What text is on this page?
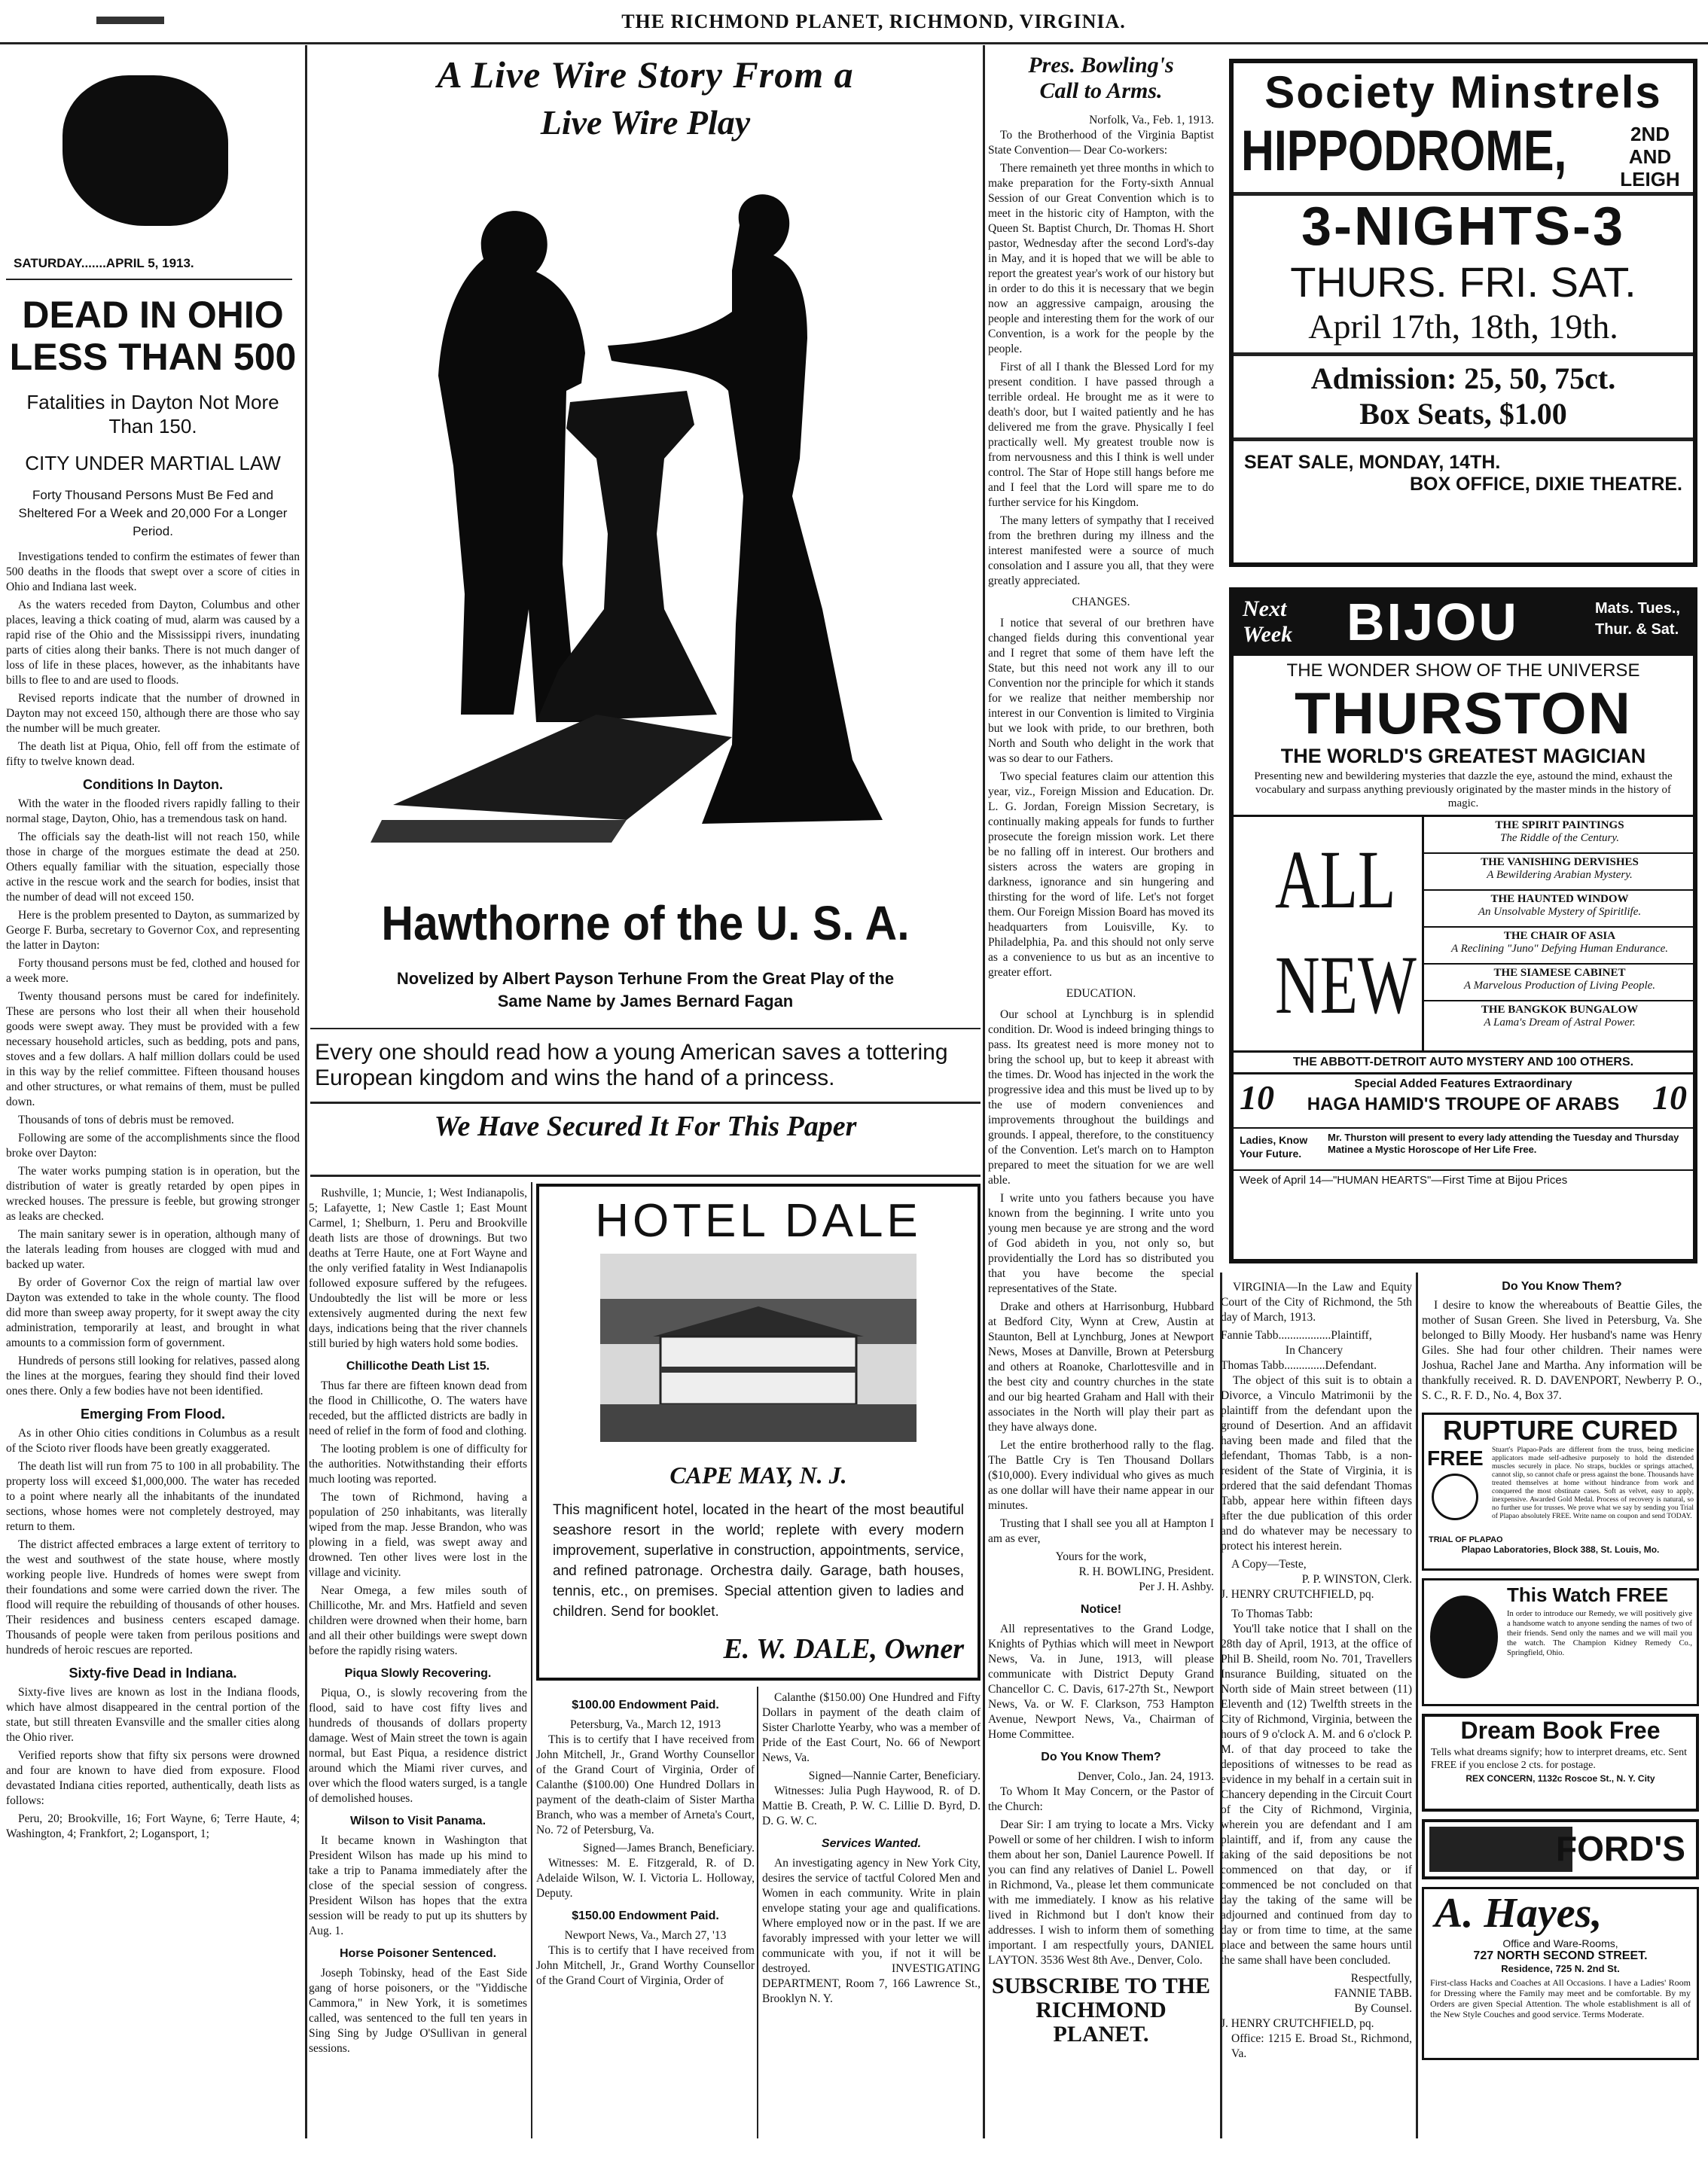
THE RICHMOND PLANET, RICHMOND, VIRGINIA.
SATURDAY.......APRIL 5, 1913.
DEAD IN OHIO
LESS THAN 500
Fatalities in Dayton Not More Than 150.
CITY UNDER MARTIAL LAW
Forty Thousand Persons Must Be Fed and Sheltered For a Week and 20,000 For a Longer Period.

Investigations tended to confirm the estimates of fewer than 500 deaths in the floods that swept over a score of cities in Ohio and Indiana last week.

As the waters receded from Dayton, Columbus and other places, leaving a thick coating of mud, alarm was caused by a rapid rise of the Ohio and the Mississippi rivers, inundating parts of cities along their banks. There is not much danger of loss of life in these places, however, as the inhabitants have bills to flee to and are used to floods.

Revised reports indicate that the number of drowned in Dayton may not exceed 150, although there are those who say the number will be much greater.

The death list at Piqua, Ohio, fell off from the estimate of fifty to twelve known dead.

Conditions In Dayton.

With the water in the flooded rivers rapidly falling to their normal stage, Dayton, Ohio, has a tremendous task on hand.

The officials say the death-list will not reach 150, while those in charge of the morgues estimate the dead at 250. Others equally familiar with the situation, especially those active in the rescue work and the search for bodies, insist that the number of dead will not exceed 150.

Here is the problem presented to Dayton, as summarized by George F. Burba, secretary to Governor Cox, and representing the latter in Dayton:

Forty thousand persons must be fed, clothed and housed for a week more.

Twenty thousand persons must be cared for indefinitely. These are persons who lost their all when their household goods were swept away. They must be provided with a few necessary household articles, such as bedding, pots and pans, stoves and a few dollars. A half million dollars could be used in this way by the relief committee. Fifteen thousand houses and other structures, or what remains of them, must be pulled down.

Thousands of tons of debris must be removed.

Following are some of the accomplishments since the flood broke over Dayton:

The water works pumping station is in operation, but the distribution of water is greatly retarded by open pipes in wrecked houses. The pressure is feeble, but growing stronger as leaks are checked.

The main sanitary sewer is in operation, although many of the laterals leading from houses are clogged with mud and backed up water.

By order of Governor Cox the reign of martial law over Dayton was extended to take in the whole county. The flood did more than sweep away property, for it swept away the city administration, temporarily at least, and brought in what amounts to a commission form of government.

Hundreds of persons still looking for relatives, passed along the lines at the morgues, fearing they should find their loved ones there. Only a few bodies have not been identified.

Emerging From Flood.

As in other Ohio cities conditions in Columbus as a result of the Scioto river floods have been greatly exaggerated.

The death list will run from 75 to 100 in all probability. The property loss will exceed $1,000,000. The water has receded to a point where nearly all the inhabitants of the inundated sections, whose homes were not completely destroyed, may return to them.

The district affected embraces a large extent of territory to the west and southwest of the state house, where mostly working people live. Hundreds of homes were swept from their foundations and some were carried down the river. The flood will require the rebuilding of thousands of other houses. Their residences and business centers escaped damage. Thousands of people were taken from perilous positions and hundreds of heroic rescues are reported.

Sixty-five Dead in Indiana.

Sixty-five lives are known as lost in the Indiana floods, which have almost disappeared in the central portion of the state, but still threaten Evansville and the smaller cities along the Ohio river.

Verified reports show that fifty six persons were drowned and four are known to have died from exposure. Flood devastated Indiana cities reported, authentically, death lists as follows:

Peru, 20; Brookville, 16; Fort Wayne, 6; Terre Haute, 4; Washington, 4; Frankfort, 2; Logansport, 1;

A Live Wire Story From a
Live Wire Play
Hawthorne of the U. S. A.
Novelized by Albert Payson Terhune From the Great Play of the Same Name by James Bernard Fagan
Every one should read how a young American saves a tottering European kingdom and wins the hand of a princess.
We Have Secured It For This Paper

Rushville, 1; Muncie, 1; West Indianapolis, 5; Lafayette, 1; New Castle 1; East Mount Carmel, 1; Shelburn, 1. Peru and Brookville death lists are those of drownings. But two deaths at Terre Haute, one at Fort Wayne and the only verified fatality in West Indianapolis followed exposure suffered by the refugees. Undoubtedly the list will be more or less extensively augmented during the next few days, indications being that the river channels still buried by high waters hold some bodies.

Chillicothe Death List 15.

Thus far there are fifteen known dead from the flood in Chillicothe, O. The waters have receded, but the afflicted districts are badly in need of relief in the form of food and clothing.

The looting problem is one of difficulty for the authorities. Notwithstanding their efforts much looting was reported.

The town of Richmond, having a population of 250 inhabitants, was literally wiped from the map. Jesse Brandon, who was plowing in a field, was swept away and drowned. Ten other lives were lost in the village and vicinity.

Near Omega, a few miles south of Chillicothe, Mr. and Mrs. Hatfield and seven children were drowned when their home, barn and all their other buildings were swept down before the rapidly rising waters.

Piqua Slowly Recovering.

Piqua, O., is slowly recovering from the flood, said to have cost fifty lives and hundreds of thousands of dollars property damage. West of Main street the town is again normal, but East Piqua, a residence district around which the Miami river curves, and over which the flood waters surged, is a tangle of demolished houses.

Wilson to Visit Panama.

It became known in Washington that President Wilson has made up his mind to take a trip to Panama immediately after the close of the special session of congress. President Wilson has hopes that the extra session will be ready to put up its shutters by Aug. 1.

Horse Poisoner Sentenced.

Joseph Tobinsky, head of the East Side gang of horse poisoners, or the "Yiddische Cammora," in New York, it is sometimes called, was sentenced to the full ten years in Sing Sing by Judge O'Sullivan in general sessions.

HOTEL DALE
CAPE MAY, N. J.
This magnificent hotel, located in the heart of the most beautiful seashore resort in the world; replete with every modern improvement, superlative in construction, appointments, service, and refined patronage. Orchestra daily. Garage, bath houses, tennis, etc., on premises. Special attention given to ladies and children. Send for booklet.
E. W. DALE, Owner
$100.00 Endowment Paid.
Petersburg, Va., March 12, 1913

This is to certify that I have received from John Mitchell, Jr., Grand Worthy Counsellor of the Grand Court of Virginia, Order of Calanthe ($100.00) One Hundred Dollars in payment of the death-claim of Sister Martha Branch, who was a member of Arneta's Court, No. 72 of Petersburg, Va.

Signed—James Branch, Beneficiary.

Witnesses: M. E. Fitzgerald, R. of D. Adelaide Wilson, W. I. Victoria L. Holloway, Deputy.

$150.00 Endowment Paid.
Newport News, Va., March 27, '13

This is to certify that I have received from John Mitchell, Jr., Grand Worthy Counsellor of the Grand Court of Virginia, Order of

Calanthe ($150.00) One Hundred and Fifty Dollars in payment of the death claim of Sister Charlotte Yearby, who was a member of Pride of the East Court, No. 66 of Newport News, Va.

Signed—Nannie Carter, Beneficiary.

Witnesses: Julia Pugh Haywood, R. of D. Mattie B. Creath, P. W. C. Lillie D. Byrd, D. D. G. W. C.

Services Wanted.

An investigating agency in New York City, desires the service of tactful Colored Men and Women in each community. Write in plain envelope stating your age and qualifications. Where employed now or in the past. If we are favorably impressed with your letter we will communicate with you, if not it will be destroyed. INVESTIGATING DEPARTMENT, Room 7, 166 Lawrence St., Brooklyn N. Y.

Pres. Bowling's
Call to Arms.
Norfolk, Va., Feb. 1, 1913.

To the Brotherhood of the Virginia Baptist State Convention— Dear Co-workers:

There remaineth yet three months in which to make preparation for the Forty-sixth Annual Session of our Great Convention which is to meet in the historic city of Hampton, with the Queen St. Baptist Church, Dr. Thomas H. Short pastor, Wednesday after the second Lord's-day in May, and it is hoped that we will be able to report the greatest year's work of our history but in order to do this it is necessary that we begin now an aggressive campaign, arousing the people and interesting them for the work of our Convention, is a work for the people by the people.

First of all I thank the Blessed Lord for my present condition. I have passed through a terrible ordeal. He brought me as it were to death's door, but I waited patiently and he has delivered me from the grave. Physically I feel practically well. My greatest trouble now is from nervousness and this I think is well under control. The Star of Hope still hangs before me and I feel that the Lord will spare me to do further service for his Kingdom.

The many letters of sympathy that I received from the brethren during my illness and the interest manifested were a source of much consolation and I assure you all, that they were greatly appreciated.

CHANGES.

I notice that several of our brethren have changed fields during this conventional year and I regret that some of them have left the State, but this need not work any ill to our Convention nor the principle for which it stands for we realize that neither membership nor interest in our Convention is limited to Virginia but we look with pride, to our brethren, both North and South who delight in the work that was so dear to our Fathers.

Two special features claim our attention this year, viz., Foreign Mission and Education. Dr. L. G. Jordan, Foreign Mission Secretary, is continually making appeals for funds to further prosecute the foreign mission work. Let there be no falling off in interest. Our brothers and sisters across the waters are groping in darkness, ignorance and sin hungering and thirsting for the word of life. Let's not forget them. Our Foreign Mission Board has moved its headquarters from Louisville, Ky. to Philadelphia, Pa. and this should not only serve as a convenience to us but as an incentive to greater effort.

EDUCATION.

Our school at Lynchburg is in splendid condition. Dr. Wood is indeed bringing things to pass. Its greatest need is more money not to bring the school up, but to keep it abreast with the times. Dr. Wood has injected in the work the progressive idea and this must be lived up to by the use of modern conveniences and improvements throughout the buildings and grounds. I appeal, therefore, to the constituency of the Convention. Let's march on to Hampton prepared to meet the situation for we are well able.

I write unto you fathers because you have known from the beginning. I write unto you young men because ye are strong and the word of God abideth in you, not only so, but providentially the Lord has so distributed you that you have become the special representatives of the State.

Drake and others at Harrisonburg, Hubbard at Bedford City, Wynn at Crew, Austin at Staunton, Bell at Lynchburg, Jones at Newport News, Moses at Danville, Brown at Petersburg and others at Roanoke, Charlottesville and in the best city and country churches in the state and our big hearted Graham and Hall with their associates in the North will play their part as they have always done.

Let the entire brotherhood rally to the flag. The Battle Cry is Ten Thousand Dollars ($10,000). Every individual who gives as much as one dollar will have their name appear in our minutes.

Trusting that I shall see you all at Hampton I am as ever,

Yours for the work,
R. H. BOWLING, President.
Per J. H. Ashby.
Notice!

All representatives to the Grand Lodge, Knights of Pythias which will meet in Newport News, Va. in June, 1913, will please communicate with District Deputy Grand Chancellor C. C. Davis, 617-27th St., Newport News, Va. or W. F. Clarkson, 753 Hampton Avenue, Newport News, Va., Chairman of Home Committee.

Do You Know Them?
Denver, Colo., Jan. 24, 1913.

To Whom It May Concern, or the Pastor of the Church:

Dear Sir: I am trying to locate a Mrs. Vicky Powell or some of her children. I wish to inform them about her son, Daniel Laurence Powell. If you can find any relatives of Daniel L. Powell in Richmond, Va., please let them communicate with me immediately. I know as his relative lived in Richmond but I don't know their addresses. I wish to inform them of something important. I am respectfully yours, DANIEL LAYTON. 3536 West 8th Ave., Denver, Colo.

SUBSCRIBE TO THE RICHMOND PLANET.
Society Minstrels
HIPPODROME,	2ND AND LEIGH
3-NIGHTS-3
THURS. FRI. SAT.
April 17th, 18th, 19th.
Admission: 25, 50, 75ct.
Box Seats, $1.00
SEAT SALE, MONDAY, 14TH.
BOX OFFICE, DIXIE THEATRE.
Next Week	BIJOU	Mats. Tues., Thur. & Sat.
THE WONDER SHOW OF THE UNIVERSE
THURSTON
THE WORLD'S GREATEST MAGICIAN
Presenting new and bewildering mysteries that dazzle the eye, astound the mind, exhaust the vocabulary and surpass anything previously originated by the master minds in the history of magic.
ALL
NEW
THE SPIRIT PAINTINGS
The Riddle of the Century.
THE VANISHING DERVISHES
A Bewildering Arabian Mystery.
THE HAUNTED WINDOW
An Unsolvable Mystery of Spiritlife.
THE CHAIR OF ASIA
A Reclining "Juno" Defying Human Endurance.
THE SIAMESE CABINET
A Marvelous Production of Living People.
THE BANGKOK BUNGALOW
A Lama's Dream of Astral Power.
THE ABBOTT-DETROIT AUTO MYSTERY AND 100 OTHERS.
10	Special Added Features Extraordinary
HAGA HAMID'S TROUPE OF ARABS 10
Ladies, Know Your Future.
Mr. Thurston will present to every lady attending the Tuesday and Thursday Matinee a Mystic Horoscope of Her Life Free.
Week of April 14—"HUMAN HEARTS"—First Time at Bijou Prices

VIRGINIA—In the Law and Equity Court of the City of Richmond, the 5th day of March, 1913.

Fannie Tabb..................Plaintiff,
In Chancery
Thomas Tabb..............Defendant.

The object of this suit is to obtain a Divorce, a Vinculo Matrimonii by the plaintiff from the defendant upon the ground of Desertion. And an affidavit having been made and filed that the defendant, Thomas Tabb, is a non-resident of the State of Virginia, it is ordered that the said defendant Thomas Tabb, appear here within fifteen days after the due publication of this order and do whatever may be necessary to protect his interest herein.

A Copy—Teste,
P. P. WINSTON, Clerk.
J. HENRY CRUTCHFIELD, pq.
To Thomas Tabb:

You'll take notice that I shall on the 28th day of April, 1913, at the office of Phil B. Sheild, room No. 701, Travellers Insurance Building, situated on the North side of Main street between (11) Eleventh and (12) Twelfth streets in the City of Richmond, Virginia, between the hours of 9 o'clock A. M. and 6 o'clock P. M. of that day proceed to take the depositions of witnesses to be read as evidence in my behalf in a certain suit in Chancery depending in the Circuit Court of the City of Richmond, Virginia, wherein you are defendant and I am plaintiff, and if, from any cause the taking of the said depositions be not commenced on that day, or if commenced be not concluded on that day the taking of the same will be adjourned and continued from day to day or from time to time, at the same place and between the same hours until the same shall have been concluded.

Respectfully,
FANNIE TABB.
By Counsel.
J. HENRY CRUTCHFIELD, pq.
Office: 1215 E. Broad St., Richmond, Va.
Do You Know Them?
I desire to know the whereabouts of Beattie Giles, the mother of Susan Green. She lived in Petersburg, Va. She belonged to Billy Moody. Her husband's name was Henry Giles. She had four other children. Their names were Joshua, Rachel Jane and Martha. Any information will be thankfully received. R. D. DAVENPORT, Newberry P. O., S. C., R. F. D., No. 4, Box 37.
RUPTURE CURED
FREE	Stuart's Plapao-Pads are different from the truss, being medicine applicators made self-adhesive purposely to hold the distended muscles securely in place. No straps, buckles or springs attached, cannot slip, so cannot chafe or press against the bone. Thousands have treated themselves at home without hindrance from work and conquered the most obstinate cases. Soft as velvet, easy to apply, inexpensive. Awarded Gold Medal. Process of recovery is natural, so no further use for trusses. We prove what we say by sending you Trial of Plapao absolutely FREE. Write name on coupon and send TODAY.
TRIAL OF PLAPAO
Plapao Laboratories, Block 388, St. Louis, Mo.
This Watch FREE
In order to introduce our Remedy, we will positively give a handsome watch to anyone sending the names of two of their friends. Send only the names and we will mail you the watch. The Champion Kidney Remedy Co., Springfield, Ohio.
Dream Book Free
Tells what dreams signify; how to interpret dreams, etc. Sent FREE if you enclose 2 cts. for postage.
REX CONCERN, 1132c Roscoe St., N. Y. City
FORD'S
A. Hayes,
Office and Ware-Rooms,
727 NORTH SECOND STREET.
Residence, 725 N. 2nd St.
First-class Hacks and Coaches at All Occasions. I have a Ladies' Room for Dressing where the Family may meet and be comfortable. By my Orders are given Special Attention. The whole establishment is all of the New Style Couches and good service. Terms Moderate.
